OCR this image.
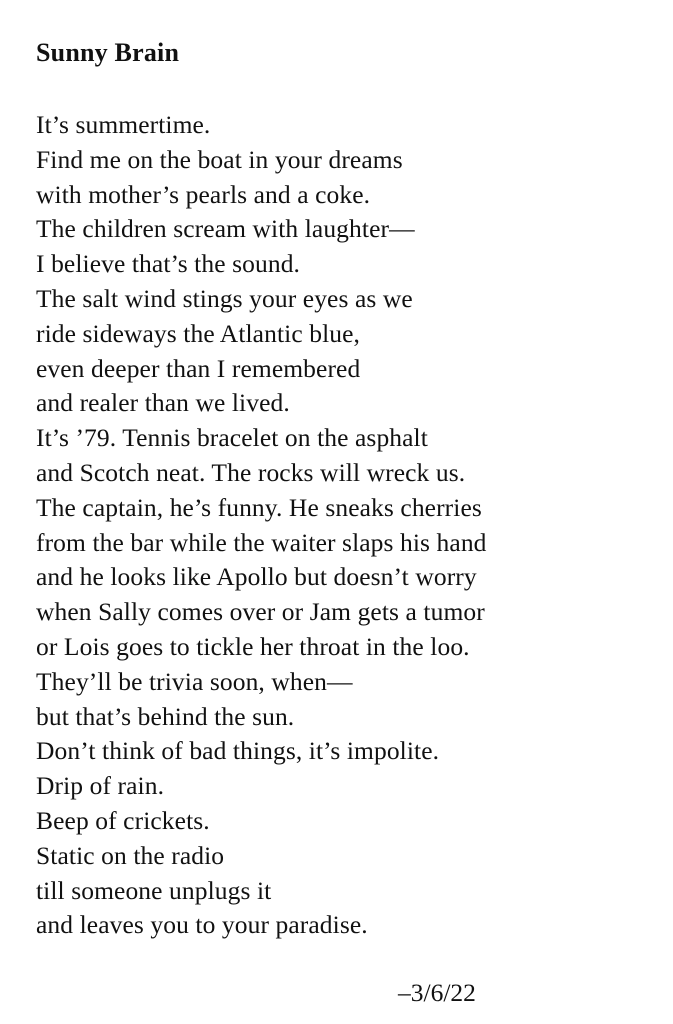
Sunny Brain
It’s summertime.
Find me on the boat in your dreams
with mother’s pearls and a coke.
The children scream with laughter—
I believe that’s the sound.
The salt wind stings your eyes as we
ride sideways the Atlantic blue,
even deeper than I remembered
and realer than we lived.
It’s ’79. Tennis bracelet on the asphalt
and Scotch neat. The rocks will wreck us.
The captain, he’s funny. He sneaks cherries
from the bar while the waiter slaps his hand
and he looks like Apollo but doesn’t worry
when Sally comes over or Jam gets a tumor
or Lois goes to tickle her throat in the loo.
They’ll be trivia soon, when—
but that’s behind the sun.
Don’t think of bad things, it’s impolite.
Drip of rain.
Beep of crickets.
Static on the radio
till someone unplugs it
and leaves you to your paradise.

–3/6/22
